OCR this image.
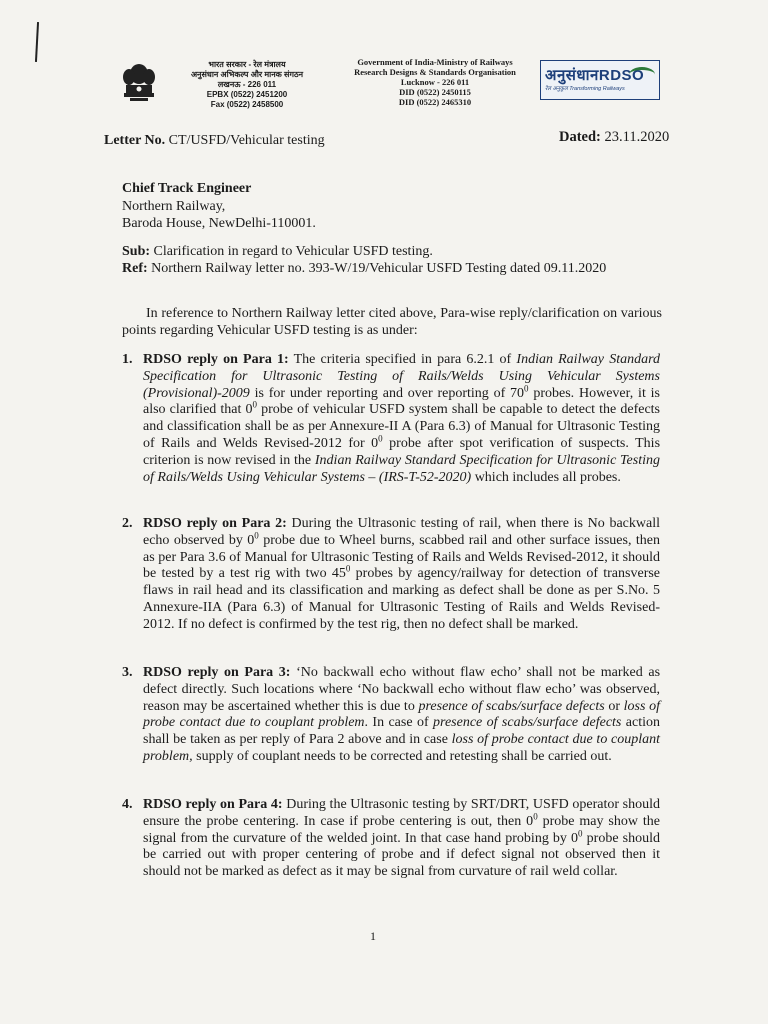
भारत सरकार - रेल मंत्रालय
अनुसंधान अभिकल्प और मानक संगठन
लखनऊ - 226 011
EPBX (0522) 2451200
Fax (0522) 2458500
Government of India-Ministry of Railways
Research Designs & Standards Organisation
Lucknow - 226 011
DID (0522) 2450115
DID (0522) 2465310
अनुसंधानRDSO
रेल अनुकूल Transforming Railways
Letter No. CT/USFD/Vehicular testing	Dated: 23.11.2020
Chief Track Engineer
Northern Railway,
Baroda House, NewDelhi-110001.
Sub: Clarification in regard to Vehicular USFD testing.
Ref: Northern Railway letter no. 393-W/19/Vehicular USFD Testing dated 09.11.2020
In reference to Northern Railway letter cited above, Para-wise reply/clarification on various points regarding Vehicular USFD testing is as under:
1. RDSO reply on Para 1: The criteria specified in para 6.2.1 of Indian Railway Standard Specification for Ultrasonic Testing of Rails/Welds Using Vehicular Systems (Provisional)-2009 is for under reporting and over reporting of $70^0$ probes. However, it is also clarified that $0^0$ probe of vehicular USFD system shall be capable to detect the defects and classification shall be as per Annexure-II A (Para 6.3) of Manual for Ultrasonic Testing of Rails and Welds Revised-2012 for $0^0$ probe after spot verification of suspects. This criterion is now revised in the Indian Railway Standard Specification for Ultrasonic Testing of Rails/Welds Using Vehicular Systems – (IRS-T-52-2020) which includes all probes.
2. RDSO reply on Para 2: During the Ultrasonic testing of rail, when there is No backwall echo observed by $0^0$ probe due to Wheel burns, scabbed rail and other surface issues, then as per Para 3.6 of Manual for Ultrasonic Testing of Rails and Welds Revised-2012, it should be tested by a test rig with two $45^0$ probes by agency/railway for detection of transverse flaws in rail head and its classification and marking as defect shall be done as per S.No. 5 Annexure-IIA (Para 6.3) of Manual for Ultrasonic Testing of Rails and Welds Revised-2012. If no defect is confirmed by the test rig, then no defect shall be marked.
3. RDSO reply on Para 3: ‘No backwall echo without flaw echo’ shall not be marked as defect directly. Such locations where ‘No backwall echo without flaw echo’ was observed, reason may be ascertained whether this is due to presence of scabs/surface defects or loss of probe contact due to couplant problem. In case of presence of scabs/surface defects action shall be taken as per reply of Para 2 above and in case loss of probe contact due to couplant problem, supply of couplant needs to be corrected and retesting shall be carried out.
4. RDSO reply on Para 4: During the Ultrasonic testing by SRT/DRT, USFD operator should ensure the probe centering. In case if probe centering is out, then $0^0$ probe may show the signal from the curvature of the welded joint. In that case hand probing by $0^0$ probe should be carried out with proper centering of probe and if defect signal not observed then it should not be marked as defect as it may be signal from curvature of rail weld collar.
1
